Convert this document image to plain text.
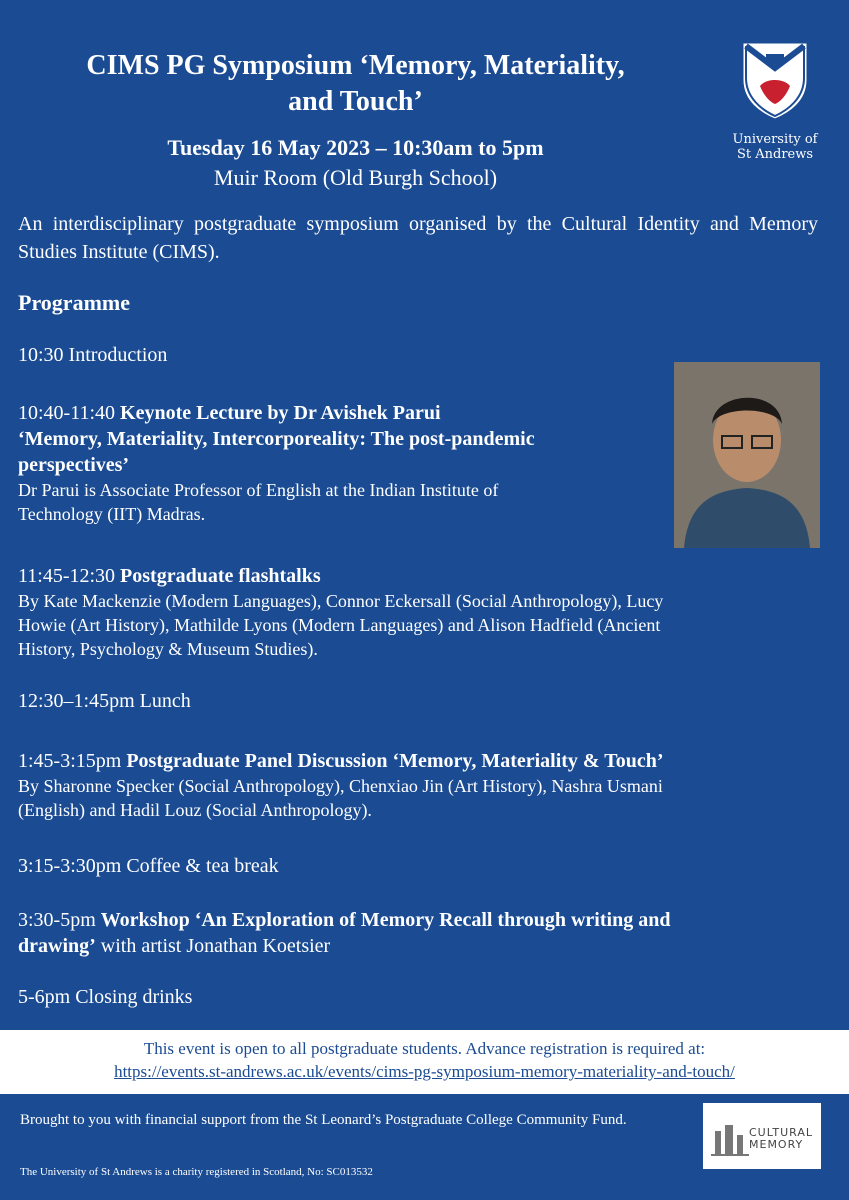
CIMS PG Symposium ‘Memory, Materiality,
and Touch’
Tuesday 16 May 2023 – 10:30am to 5pm
Muir Room (Old Burgh School)
University of
St Andrews
An interdisciplinary postgraduate symposium organised by the Cultural Identity and Memory Studies Institute (CIMS).
Programme
10:30 Introduction
10:40-11:40 Keynote Lecture by Dr Avishek Parui
‘Memory, Materiality, Intercorporeality: The post-pandemic
perspectives’
Dr Parui is Associate Professor of English at the Indian Institute of
Technology (IIT) Madras.
11:45-12:30 Postgraduate flashtalks
By Kate Mackenzie (Modern Languages), Connor Eckersall (Social Anthropology), Lucy
Howie (Art History), Mathilde Lyons (Modern Languages) and Alison Hadfield (Ancient
History, Psychology & Museum Studies).
12:30–1:45pm Lunch
1:45-3:15pm Postgraduate Panel Discussion ‘Memory, Materiality & Touch’
By Sharonne Specker (Social Anthropology), Chenxiao Jin (Art History), Nashra Usmani
(English) and Hadil Louz (Social Anthropology).
3:15-3:30pm Coffee & tea break
3:30-5pm Workshop ‘An Exploration of Memory Recall through writing and
drawing’ with artist Jonathan Koetsier
5-6pm Closing drinks
This event is open to all postgraduate students. Advance registration is required at:
https://events.st-andrews.ac.uk/events/cims-pg-symposium-memory-materiality-and-touch/
Brought to you with financial support from the St Leonard’s Postgraduate College Community Fund.
The University of St Andrews is a charity registered in Scotland, No: SC013532
CULTURAL
MEMORY
